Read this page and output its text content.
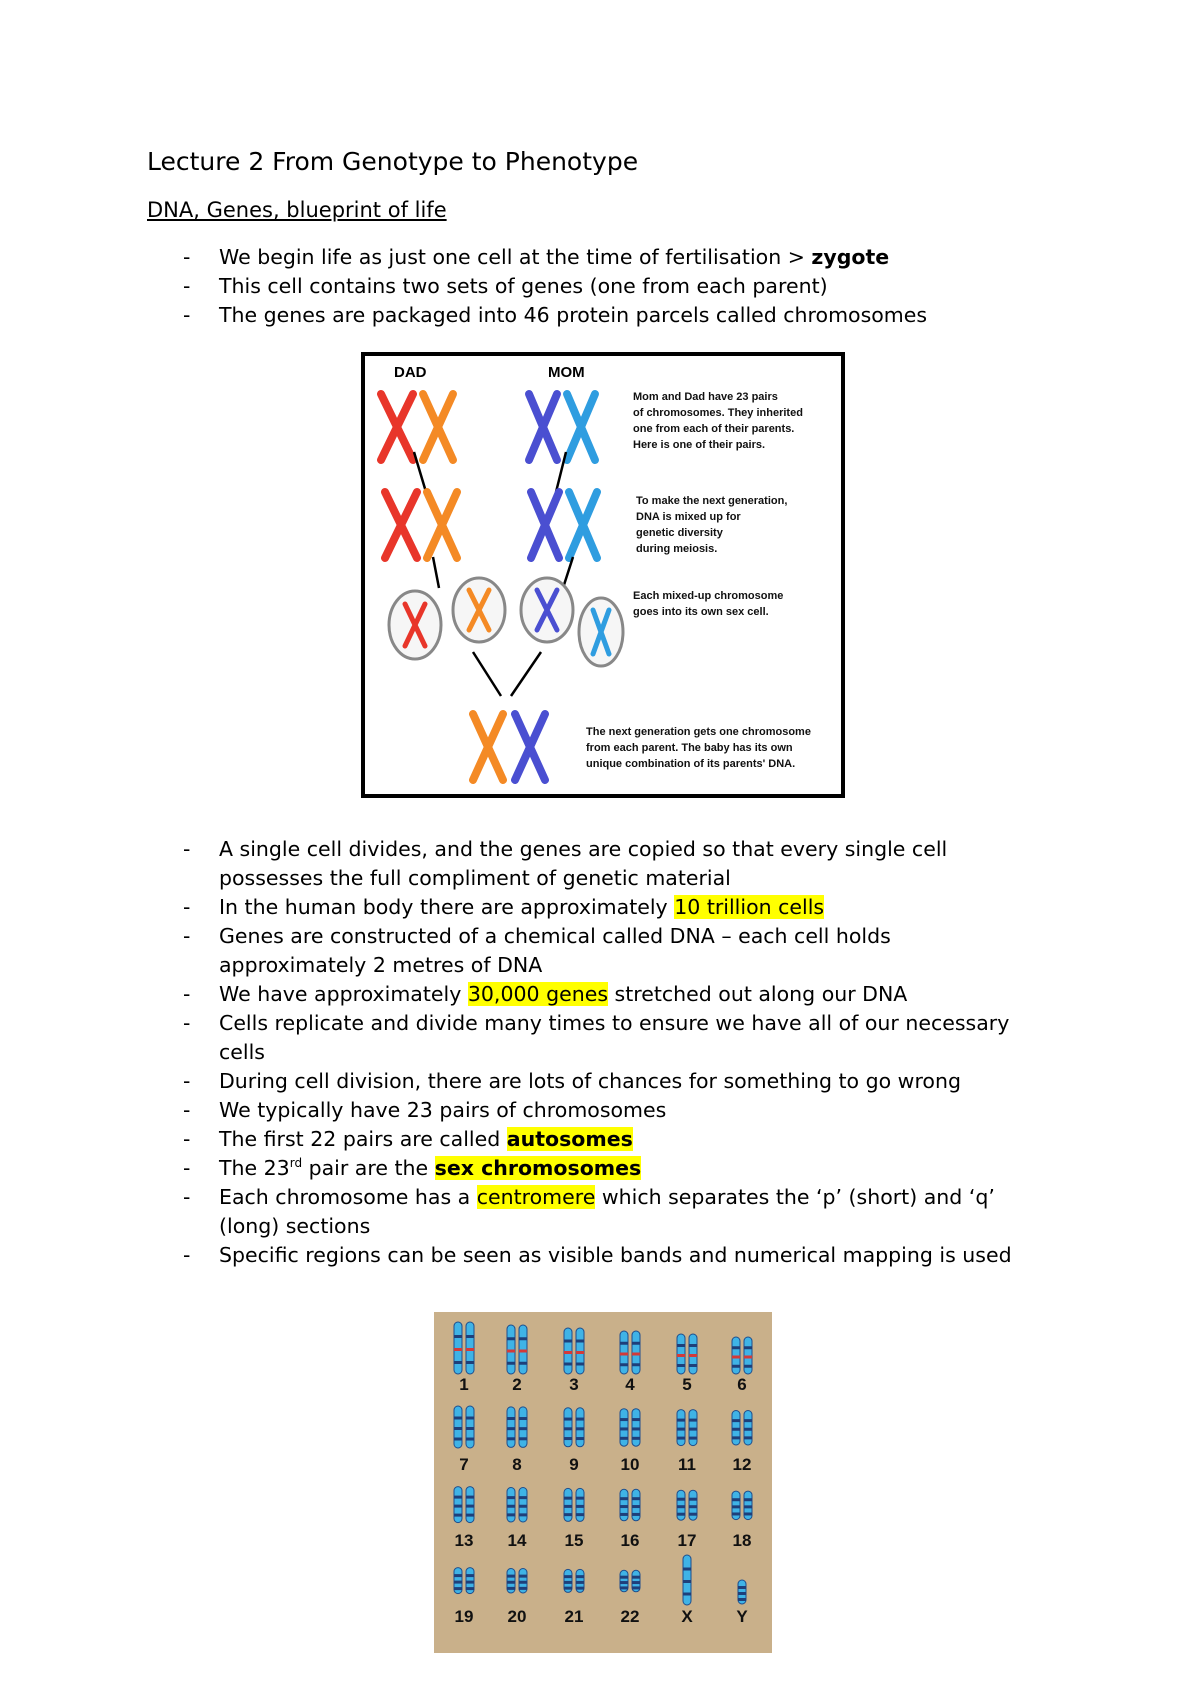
Lecture 2 From Genotype to Phenotype
DNA, Genes, blueprint of life
- We begin life as just one cell at the time of fertilisation > zygote
- This cell contains two sets of genes (one from each parent)
- The genes are packaged into 46 protein parcels called chromosomes
DAD	MOM
Mom and Dad have 23 pairs
of chromosomes. They inherited
one from each of their parents.
Here is one of their pairs.
To make the next generation,
DNA is mixed up for
genetic diversity
during meiosis.
Each mixed-up chromosome
goes into its own sex cell.
The next generation gets one chromosome
from each parent. The baby has its own
unique combination of its parents' DNA.
- A single cell divides, and the genes are copied so that every single cell possesses the full compliment of genetic material
- In the human body there are approximately 10 trillion cells
- Genes are constructed of a chemical called DNA – each cell holds approximately 2 metres of DNA
- We have approximately 30,000 genes stretched out along our DNA
- Cells replicate and divide many times to ensure we have all of our necessary cells
- During cell division, there are lots of chances for something to go wrong
- We typically have 23 pairs of chromosomes
- The first 22 pairs are called autosomes
- The 23rd pair are the sex chromosomes
- Each chromosome has a centromere which separates the ‘p’ (short) and ‘q’ (long) sections
- Specific regions can be seen as visible bands and numerical mapping is used
1	2	3	4	5	6
7	8	9 10 11 12
13 14 15 16 17 18
19 20 21 22 X	Y
